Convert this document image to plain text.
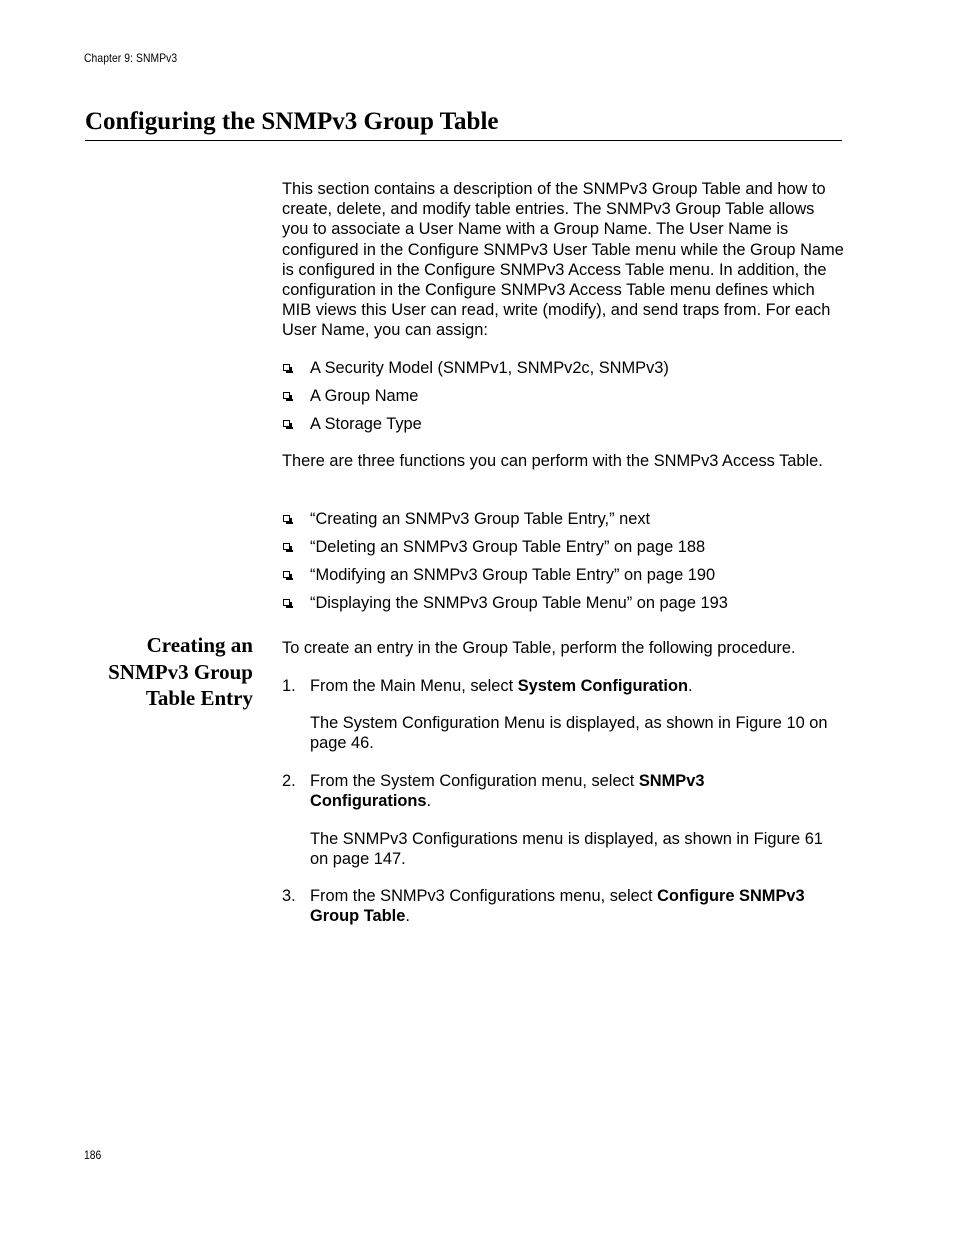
Chapter 9: SNMPv3
Configuring the SNMPv3 Group Table

This section contains a description of the SNMPv3 Group Table and how to create, delete, and modify table entries. The SNMPv3 Group Table allows you to associate a User Name with a Group Name. The User Name is configured in the Configure SNMPv3 User Table menu while the Group Name is configured in the Configure SNMPv3 Access Table menu. In addition, the configuration in the Configure SNMPv3 Access Table menu defines which MIB views this User can read, write (modify), and send traps from. For each User Name, you can assign:

A Security Model (SNMPv1, SNMPv2c, SNMPv3)
A Group Name
A Storage Type

There are three functions you can perform with the SNMPv3 Access Table.

“Creating an SNMPv3 Group Table Entry,” next
“Deleting an SNMPv3 Group Table Entry” on page 188
“Modifying an SNMPv3 Group Table Entry” on page 190
“Displaying the SNMPv3 Group Table Menu” on page 193
Creating an
SNMPv3 Group
Table Entry

To create an entry in the Group Table, perform the following procedure.

1. From the Main Menu, select System Configuration.
The System Configuration Menu is displayed, as shown in Figure 10 on page 46.
2. From the System Configuration menu, select SNMPv3 Configurations.
The SNMPv3 Configurations menu is displayed, as shown in Figure 61 on page 147.
3. From the SNMPv3 Configurations menu, select Configure SNMPv3 Group Table.
186
